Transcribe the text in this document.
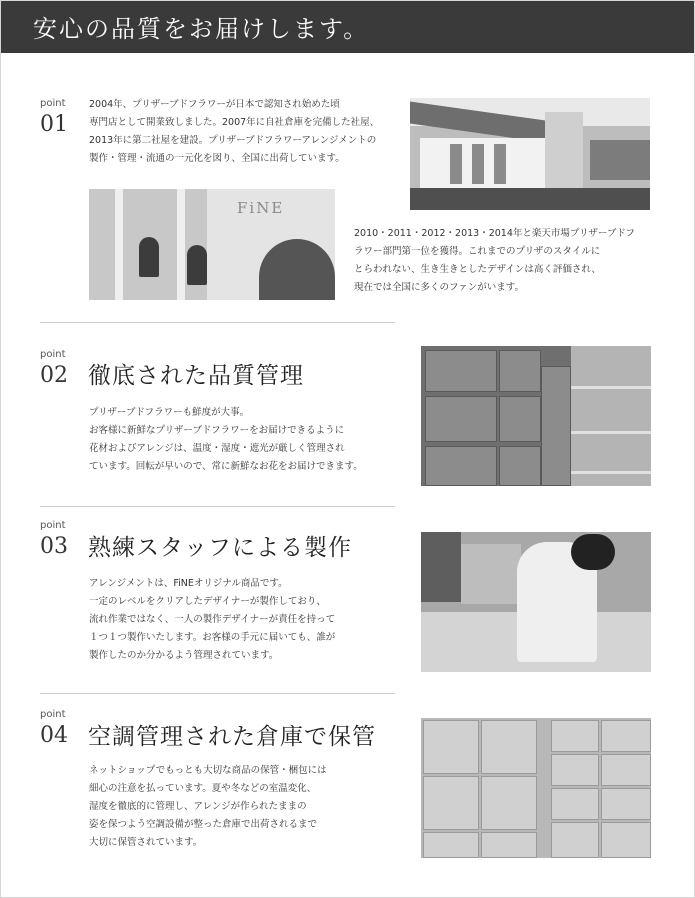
安心の品質をお届けします。
point
01
2004年、プリザーブドフラワーが日本で認知され始めた頃
専門店として開業致しました。2007年に自社倉庫を完備した社屋、
2013年に第二社屋を建設。プリザーブドフラワーアレンジメントの
製作・管理・流通の一元化を図り、全国に出荷しています。
FiNE
2010・2011・2012・2013・2014年と楽天市場プリザーブドフ
ラワー部門第一位を獲得。これまでのプリザのスタイルに
とらわれない、生き生きとしたデザインは高く評価され、
現在では全国に多くのファンがいます。
point
02 徹底された品質管理
プリザーブドフラワーも鮮度が大事。
お客様に新鮮なプリザーブドフラワーをお届けできるように
花材およびアレンジは、温度・湿度・遮光が厳しく管理され
ています。回転が早いので、常に新鮮なお花をお届けできます。
point
03 熟練スタッフによる製作
アレンジメントは、FiNEオリジナル商品です。
一定のレベルをクリアしたデザイナーが製作しており、
流れ作業ではなく、一人の製作デザイナーが責任を持って
１つ１つ製作いたします。お客様の手元に届いても、誰が
製作したのか分かるよう管理されています。
point
04 空調管理された倉庫で保管
ネットショップでもっとも大切な商品の保管・梱包には
細心の注意を払っています。夏や冬などの室温変化、
湿度を徹底的に管理し、アレンジが作られたままの
姿を保つよう空調設備が整った倉庫で出荷されるまで
大切に保管されています。
